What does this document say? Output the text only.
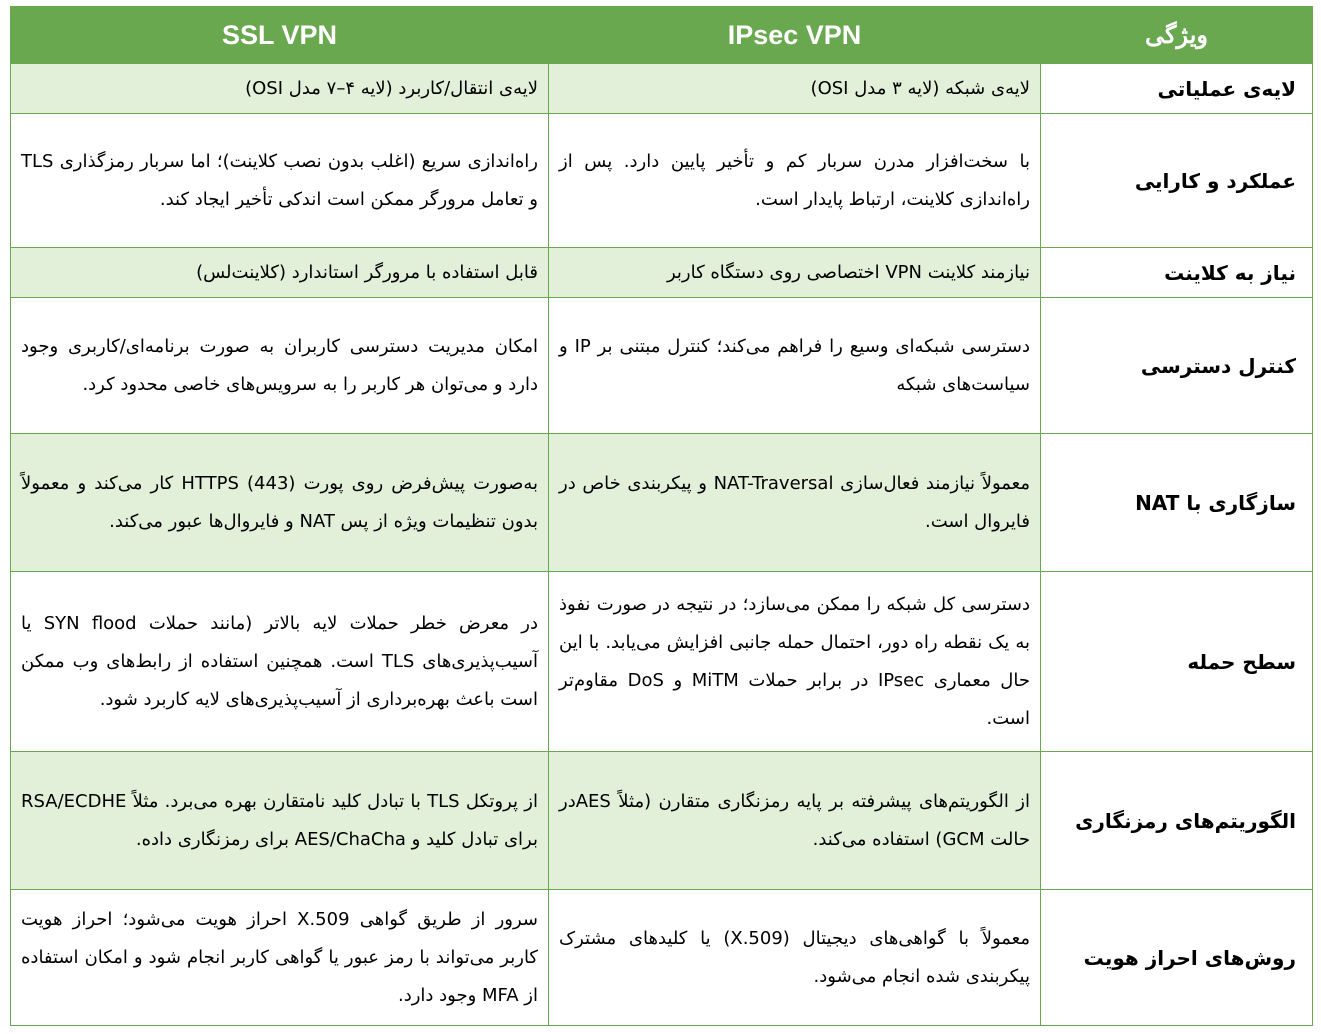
ویژگی	IPsec VPN	SSL VPN
لایه‌ی عملیاتی	لایه‌ی شبکه (لایه ۳ مدل OSI)	لایه‌ی انتقال/کاربرد (لایه ۴–۷ مدل OSI)
عملکرد و کارایی	با سخت‌افزار مدرن سربار کم و تأخیر پایین دارد. پس از راه‌اندازی کلاینت، ارتباط پایدار است.	راه‌اندازی سریع (اغلب بدون نصب کلاینت)؛ اما سربار رمزگذاری TLS و تعامل مرورگر ممکن است اندکی تأخیر ایجاد کند.
نیاز به کلاینت	نیازمند کلاینت VPN اختصاصی روی دستگاه کاربر	قابل استفاده با مرورگر استاندارد (کلاینت‌لس)
کنترل دسترسی	دسترسی شبکه‌ای وسیع را فراهم می‌کند؛ کنترل مبتنی بر IP و سیاست‌های شبکه	امکان مدیریت دسترسی کاربران به صورت برنامه‌ای/کاربری وجود دارد و می‌توان هر کاربر را به سرویس‌های خاصی محدود کرد.
سازگاری با NAT	معمولاً نیازمند فعال‌سازی NAT-Traversal و پیکربندی خاص در فایروال است.	به‌صورت پیش‌فرض روی پورت HTTPS (443) کار می‌کند و معمولاً بدون تنظیمات ویژه از پس NAT و فایروال‌ها عبور می‌کند.
سطح حمله	دسترسی کل شبکه را ممکن می‌سازد؛ در نتیجه در صورت نفوذ به یک نقطه راه دور، احتمال حمله جانبی افزایش می‌یابد. با این حال معماری IPsec در برابر حملات MiTM و DoS مقاوم‌تر است.	در معرض خطر حملات لایه بالاتر (مانند حملات SYN flood یا آسیب‌پذیری‌های TLS است. همچنین استفاده از رابط‌های وب ممکن است باعث بهره‌برداری از آسیب‌پذیری‌های لایه کاربرد شود.
الگوریتم‌های رمزنگاری	از الگوریتم‌های پیشرفته بر پایه رمزنگاری متقارن (مثلاً AESدر حالت GCM) استفاده می‌کند.	از پروتکل TLS با تبادل کلید نامتقارن بهره می‌برد. مثلاً RSA/ECDHE برای تبادل کلید و AES/ChaCha برای رمزنگاری داده.
روش‌های احراز هویت	معمولاً با گواهی‌های دیجیتال (X.509) یا کلیدهای مشترک پیکربندی شده انجام می‌شود.	سرور از طریق گواهی X.509 احراز هویت می‌شود؛ احراز هویت کاربر می‌تواند با رمز عبور یا گواهی کاربر انجام شود و امکان استفاده از MFA وجود دارد.
